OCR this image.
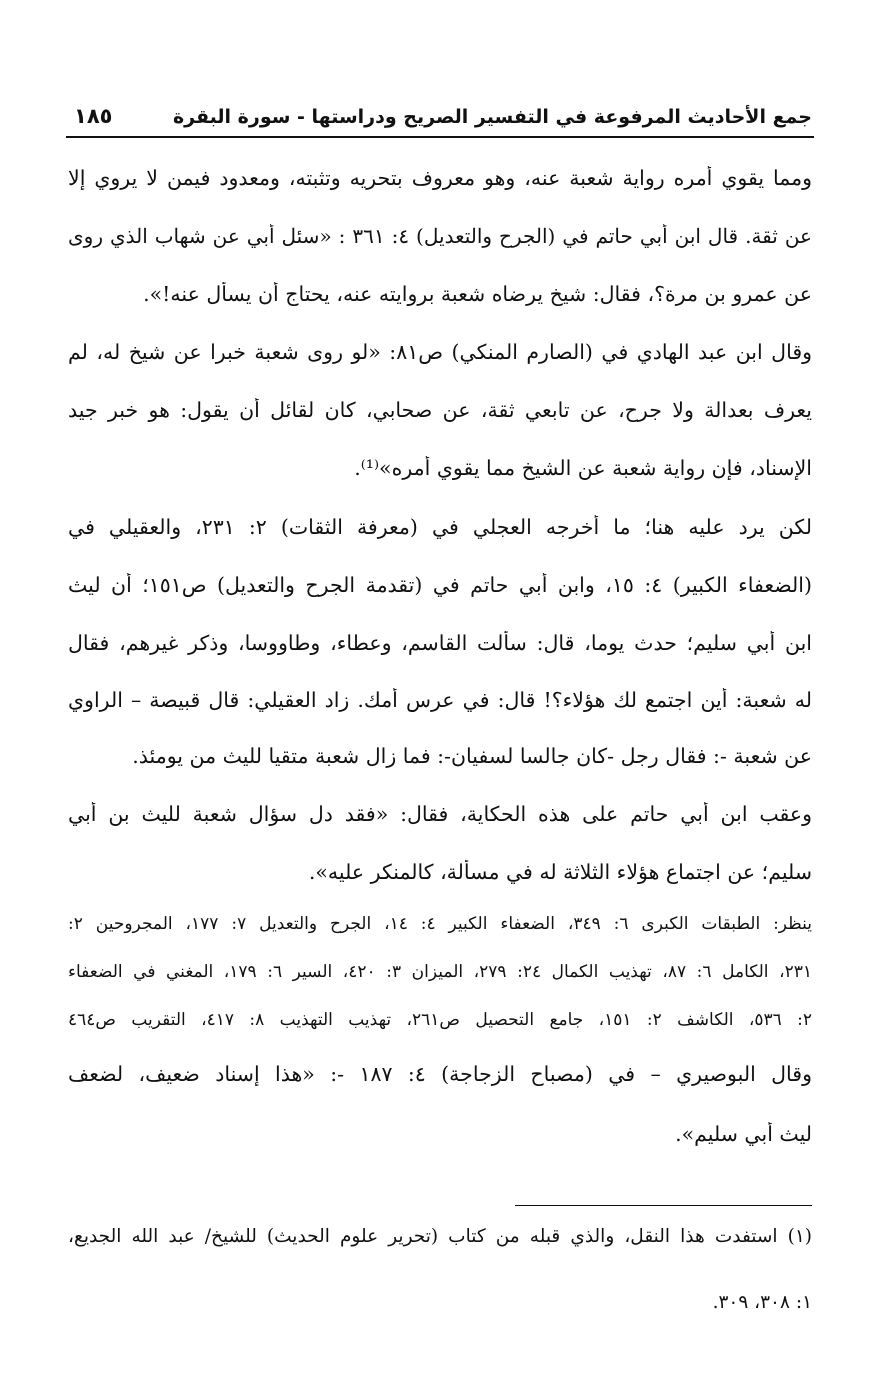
جمع الأحاديث المرفوعة في التفسير الصريح ودراستها - سورة البقرة
١٨٥
ومما يقوي أمره رواية شعبة عنه، وهو معروف بتحريه وتثبته، ومعدود فيمن لا يروي إلا
عن ثقة. قال ابن أبي حاتم في (الجرح والتعديل) ٤: ٣٦١ : «سئل أبي عن شهاب الذي روى
عن عمرو بن مرة؟، فقال: شيخ يرضاه شعبة بروايته عنه، يحتاج أن يسأل عنه!».
وقال ابن عبد الهادي في (الصارم المنكي) ص٨١: «لو روى شعبة خبرا عن شيخ له، لم
يعرف بعدالة ولا جرح، عن تابعي ثقة، عن صحابي، كان لقائل أن يقول: هو خبر جيد
الإسناد، فإن رواية شعبة عن الشيخ مما يقوي أمره»⁽¹⁾.
لكن يرد عليه هنا؛ ما أخرجه العجلي في (معرفة الثقات) ٢: ٢٣١، والعقيلي في
(الضعفاء الكبير) ٤: ١٥، وابن أبي حاتم في (تقدمة الجرح والتعديل) ص١٥١؛ أن ليث
ابن أبي سليم؛ حدث يوما، قال: سألت القاسم، وعطاء، وطاووسا، وذكر غيرهم، فقال
له شعبة: أين اجتمع لك هؤلاء؟! قال: في عرس أمك. زاد العقيلي: قال قبيصة – الراوي
عن شعبة -: فقال رجل -كان جالسا لسفيان-: فما زال شعبة متقيا لليث من يومئذ.
وعقب ابن أبي حاتم على هذه الحكاية، فقال: «فقد دل سؤال شعبة لليث بن أبي
سليم؛ عن اجتماع هؤلاء الثلاثة له في مسألة، كالمنكر عليه».
ينظر: الطبقات الكبرى ٦: ٣٤٩، الضعفاء الكبير ٤: ١٤، الجرح والتعديل ٧: ١٧٧، المجروحين ٢:
٢٣١، الكامل ٦: ٨٧، تهذيب الكمال ٢٤: ٢٧٩، الميزان ٣: ٤٢٠، السير ٦: ١٧٩، المغني في الضعفاء
٢: ٥٣٦، الكاشف ٢: ١٥١، جامع التحصيل ص٢٦١، تهذيب التهذيب ٨: ٤١٧، التقريب ص٤٦٤
وقال البوصيري – في (مصباح الزجاجة) ٤: ١٨٧ -: «هذا إسناد ضعيف، لضعف
ليث أبي سليم».
(١) استفدت هذا النقل، والذي قبله من كتاب (تحرير علوم الحديث) للشيخ/ عبد الله الجديع،
١: ٣٠٨، ٣٠٩.
